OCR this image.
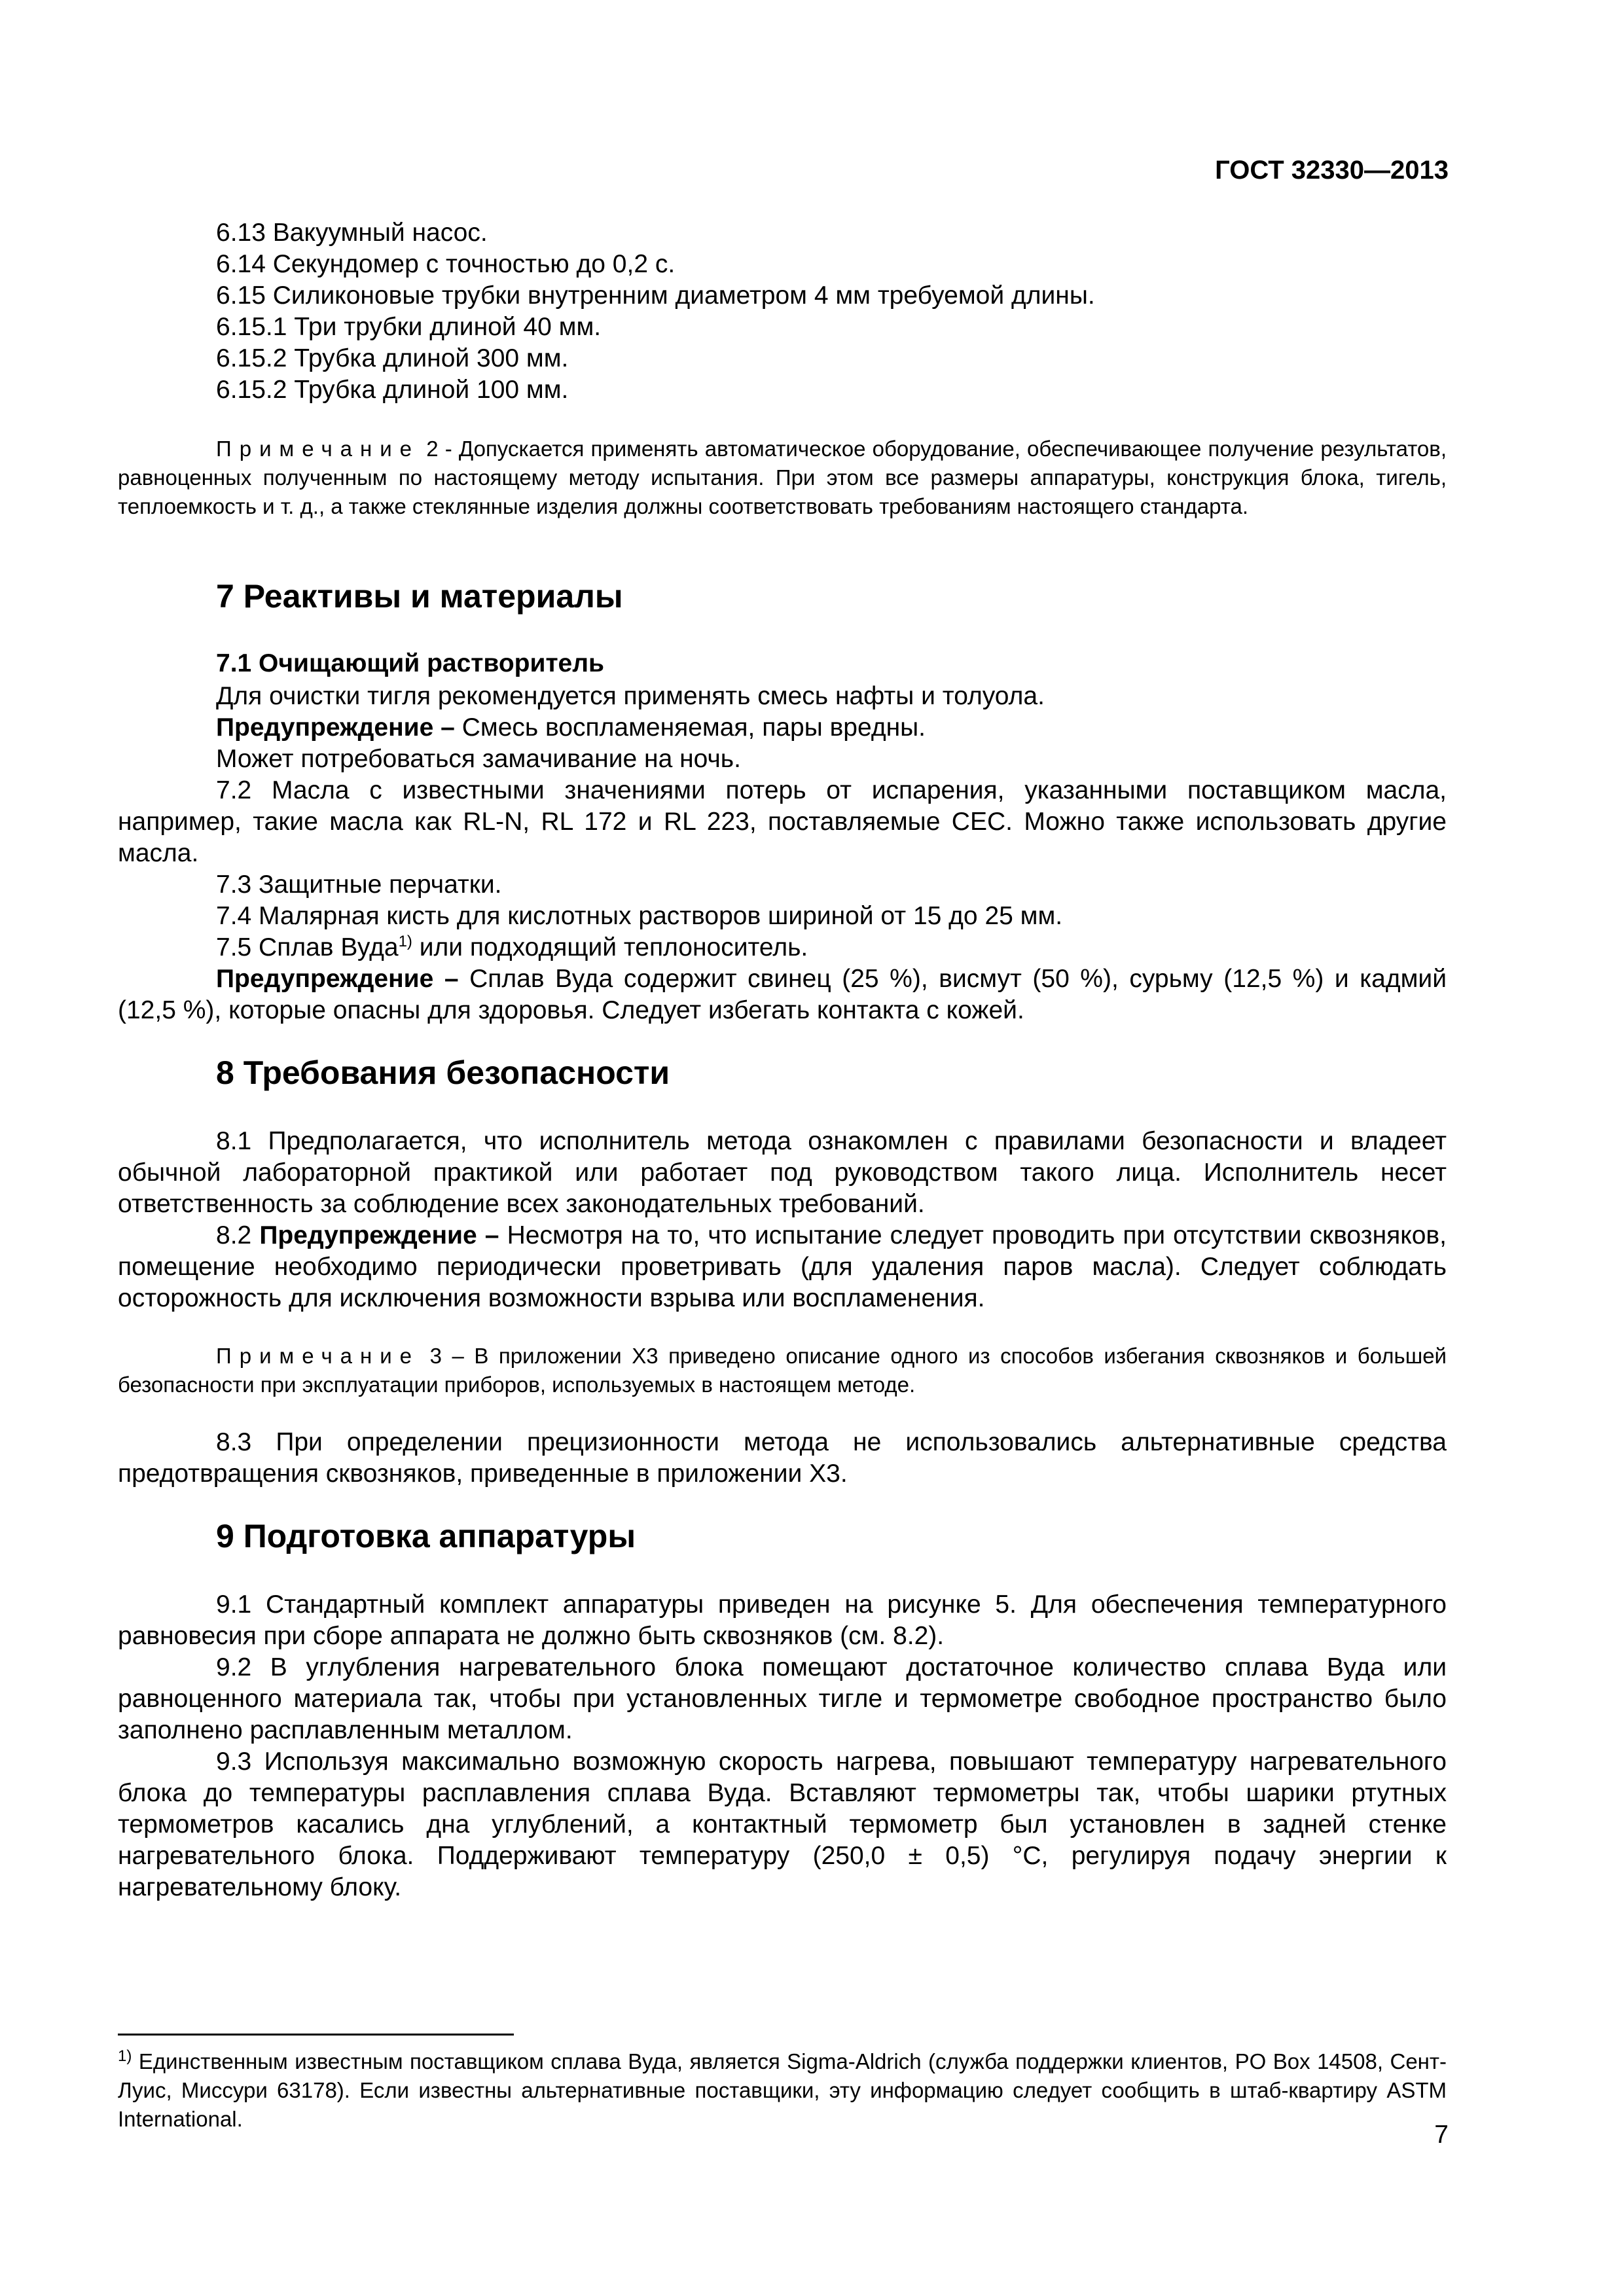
ГОСТ 32330—2013
6.13 Вакуумный насос.
6.14 Секундомер с точностью до 0,2 с.
6.15 Силиконовые трубки внутренним диаметром 4 мм требуемой длины.
6.15.1 Три трубки длиной 40 мм.
6.15.2 Трубка длиной 300 мм.
6.15.2 Трубка длиной 100 мм.
Примечание 2 - Допускается применять автоматическое оборудование, обеспечивающее получение результатов, равноценных полученным по настоящему методу испытания. При этом все размеры аппаратуры, конструкция блока, тигель, теплоемкость и т. д., а также стеклянные изделия должны соответствовать требованиям настоящего стандарта.
7 Реактивы и материалы
7.1 Очищающий растворитель
Для очистки тигля рекомендуется применять смесь нафты и толуола.
Предупреждение – Смесь воспламеняемая, пары вредны.
Может потребоваться замачивание на ночь.
7.2 Масла с известными значениями потерь от испарения, указанными поставщиком масла, например, такие масла как RL-N, RL 172 и RL 223, поставляемые CEC. Можно также использовать другие масла.
7.3 Защитные перчатки.
7.4 Малярная кисть для кислотных растворов шириной от 15 до 25 мм.
7.5 Сплав Вуда$^{1)}$ или подходящий теплоноситель.
Предупреждение – Сплав Вуда содержит свинец (25 %), висмут (50 %), сурьму (12,5 %) и кадмий (12,5 %), которые опасны для здоровья. Следует избегать контакта с кожей.
8 Требования безопасности
8.1 Предполагается, что исполнитель метода ознакомлен с правилами безопасности и владеет обычной лабораторной практикой или работает под руководством такого лица. Исполнитель несет ответственность за соблюдение всех законодательных требований.
8.2 Предупреждение – Несмотря на то, что испытание следует проводить при отсутствии сквозняков, помещение необходимо периодически проветривать (для удаления паров масла). Следует соблюдать осторожность для исключения возможности взрыва или воспламенения.
Примечание 3 – В приложении Х3 приведено описание одного из способов избегания сквозняков и большей безопасности при эксплуатации приборов, используемых в настоящем методе.
8.3 При определении прецизионности метода не использовались альтернативные средства предотвращения сквозняков, приведенные в приложении Х3.
9 Подготовка аппаратуры
9.1 Стандартный комплект аппаратуры приведен на рисунке 5. Для обеспечения температурного равновесия при сборе аппарата не должно быть сквозняков (см. 8.2).
9.2 В углубления нагревательного блока помещают достаточное количество сплава Вуда или равноценного материала так, чтобы при установленных тигле и термометре свободное пространство было заполнено расплавленным металлом.
9.3 Используя максимально возможную скорость нагрева, повышают температуру нагревательного блока до температуры расплавления сплава Вуда. Вставляют термометры так, чтобы шарики ртутных термометров касались дна углублений, а контактный термометр был установлен в задней стенке нагревательного блока. Поддерживают температуру (250,0 ± 0,5) °С, регулируя подачу энергии к нагревательному блоку.
$^{1)}$ Единственным известным поставщиком сплава Вуда, является Sigma-Aldrich (служба поддержки клиентов, PO Box 14508, Сент-Луис, Миссури 63178). Если известны альтернативные поставщики, эту информацию следует сообщить в штаб-квартиру ASTM International.
7
